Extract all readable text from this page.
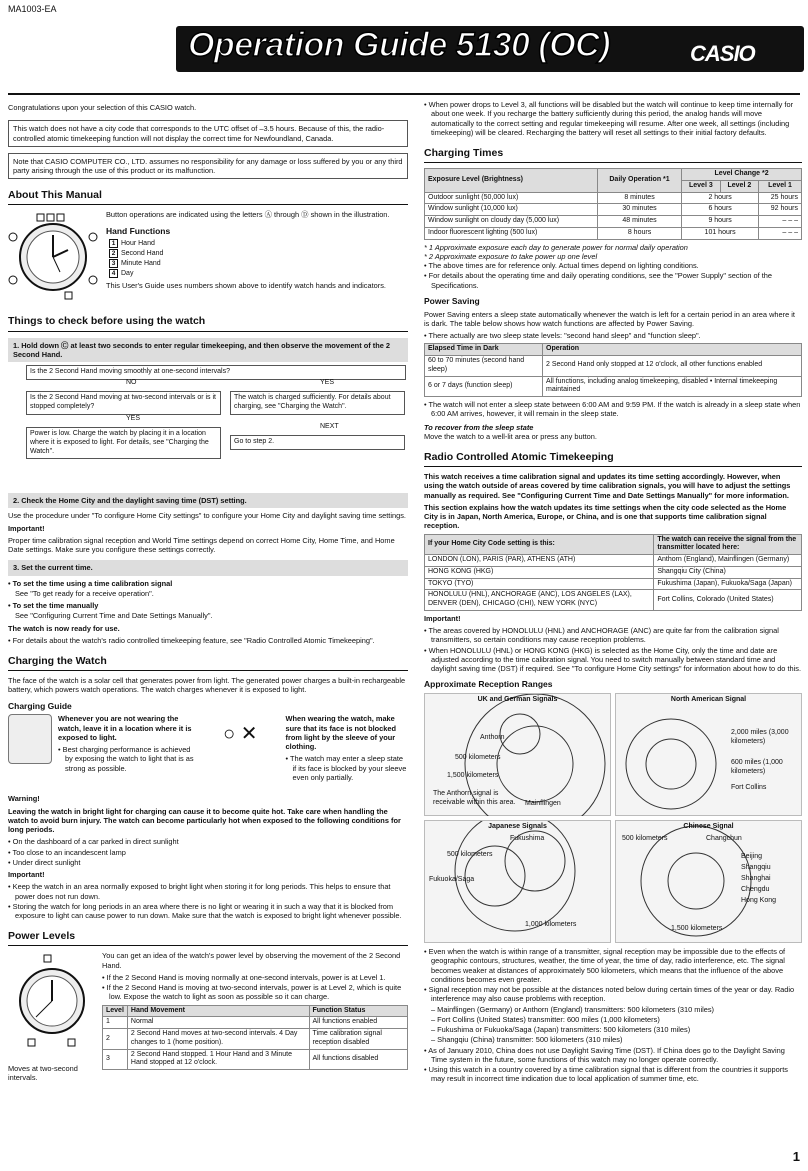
MA1003-EA
Operation Guide 5130 (OC)	CASIO

Congratulations upon your selection of this CASIO watch.

This watch does not have a city code that corresponds to the UTC offset of –3.5 hours. Because of this, the radio-controlled atomic timekeeping function will not display the correct time for Newfoundland, Canada.
Note that CASIO COMPUTER CO., LTD. assumes no responsibility for any damage or loss suffered by you or any third party arising through the use of this product or its malfunction.
About This Manual

Button operations are indicated using the letters Ⓐ through Ⓓ shown in the illustration.

Hand Functions
1 Hour Hand
2 Second Hand
3 Minute Hand
4 Day

This User's Guide uses numbers shown above to identify watch hands and indicators.

Things to check before using the watch
1. Hold down Ⓒ at least two seconds to enter regular timekeeping, and then observe the movement of the 2 Second Hand.
Is the 2 Second Hand moving smoothly at one-second intervals?
NO	YES
Is the 2 Second Hand moving at two-second intervals or is it stopped completely?
The watch is charged sufficiently. For details about charging, see "Charging the Watch".
YES
NEXT
Power is low. Charge the watch by placing it in a location where it is exposed to light. For details, see "Charging the Watch".
Go to step 2.
2. Check the Home City and the daylight saving time (DST) setting.

Use the procedure under "To configure Home City settings" to configure your Home City and daylight saving time settings.

Important!

Proper time calibration signal reception and World Time settings depend on correct Home City, Home Time, and Home Date settings. Make sure you configure these settings correctly.

3. Set the current time.
• To set the time using a time calibration signal

See "To get ready for a receive operation".

• To set the time manually

See "Configuring Current Time and Date Settings Manually".

The watch is now ready for use.

• For details about the watch's radio controlled timekeeping feature, see "Radio Controlled Atomic Timekeeping".
Charging the Watch

The face of the watch is a solar cell that generates power from light. The generated power charges a built-in rechargeable battery, which powers watch operations. The watch charges whenever it is exposed to light.

Charging Guide

Whenever you are not wearing the watch, leave it in a location where it is exposed to light.

• Best charging performance is achieved by exposing the watch to light that is as strong as possible.
○ ✕

When wearing the watch, make sure that its face is not blocked from light by the sleeve of your clothing.

• The watch may enter a sleep state if its face is blocked by your sleeve even only partially.

Warning!

Leaving the watch in bright light for charging can cause it to become quite hot. Take care when handling the watch to avoid burn injury. The watch can become particularly hot when exposed to the following conditions for long periods.

• On the dashboard of a car parked in direct sunlight
• Too close to an incandescent lamp
• Under direct sunlight

Important!

• Keep the watch in an area normally exposed to bright light when storing it for long periods. This helps to ensure that power does not run down.
• Storing the watch for long periods in an area where there is no light or wearing it in such a way that it is blocked from exposure to light can cause power to run down. Make sure that the watch is exposed to bright light whenever possible.
Power Levels

Moves at two-second intervals.

You can get an idea of the watch's power level by observing the movement of the 2 Second Hand.

• If the 2 Second Hand is moving normally at one-second intervals, power is at Level 1.
• If the 2 Second Hand is moving at two-second intervals, power is at Level 2, which is quite low. Expose the watch to light as soon as possible so it can charge.
Level	Hand Movement	Function Status
1	Normal	All functions enabled
2	2 Second Hand moves at two-second intervals. 4 Day changes to 1 (home position).	Time calibration signal reception disabled
3	2 Second Hand stopped. 1 Hour Hand and 3 Minute Hand stopped at 12 o'clock.	All functions disabled
• When power drops to Level 3, all functions will be disabled but the watch will continue to keep time internally for about one week. If you recharge the battery sufficiently during this period, the analog hands will move automatically to the correct setting and regular timekeeping will resume. After one week, all settings (including timekeeping) will be cleared. Recharging the battery will reset all settings to their initial factory defaults.
Charging Times
Exposure Level (Brightness)	Daily Operation *1	Level Change *2		
		Level 3	Level 2	Level 1
Outdoor sunlight (50,000 lux)	8 minutes	2 hours		25 hours
Window sunlight (10,000 lux)	30 minutes	6 hours		92 hours
Window sunlight on cloudy day (5,000 lux)	48 minutes	9 hours		– – –
Indoor fluorescent lighting (500 lux)	8 hours	101 hours		– – –

* 1 Approximate exposure each day to generate power for normal daily operation

* 2 Approximate exposure to take power up one level

• The above times are for reference only. Actual times depend on lighting conditions.
• For details about the operating time and daily operating conditions, see the "Power Supply" section of the Specifications.
Power Saving

Power Saving enters a sleep state automatically whenever the watch is left for a certain period in an area where it is dark. The table below shows how watch functions are affected by Power Saving.

• There actually are two sleep state levels: "second hand sleep" and "function sleep".
Elapsed Time in Dark	Operation
60 to 70 minutes (second hand sleep)	2 Second Hand only stopped at 12 o'clock, all other functions enabled
6 or 7 days (function sleep)	All functions, including analog timekeeping, disabled • Internal timekeeping maintained
• The watch will not enter a sleep state between 6:00 AM and 9:59 PM. If the watch is already in a sleep state when 6:00 AM arrives, however, it will remain in the sleep state.

To recover from the sleep state

Move the watch to a well-lit area or press any button.

Radio Controlled Atomic Timekeeping

This watch receives a time calibration signal and updates its time setting accordingly. However, when using the watch outside of areas covered by time calibration signals, you will have to adjust the settings manually as required. See "Configuring Current Time and Date Settings Manually" for more information.

This section explains how the watch updates its time settings when the city code selected as the Home City is in Japan, North America, Europe, or China, and is one that supports time calibration signal reception.

If your Home City Code setting is this:	The watch can receive the signal from the transmitter located here:
LONDON (LON), PARIS (PAR), ATHENS (ATH)	Anthorn (England), Mainflingen (Germany)
HONG KONG (HKG)	Shangqiu City (China)
TOKYO (TYO)	Fukushima (Japan), Fukuoka/Saga (Japan)
HONOLULU (HNL), ANCHORAGE (ANC), LOS ANGELES (LAX), DENVER (DEN), CHICAGO (CHI), NEW YORK (NYC)	Fort Collins, Colorado (United States)

Important!

• The areas covered by HONOLULU (HNL) and ANCHORAGE (ANC) are quite far from the calibration signal transmitters, so certain conditions may cause reception problems.
• When HONOLULU (HNL) or HONG KONG (HKG) is selected as the Home City, only the time and date are adjusted according to the time calibration signal. You need to switch manually between standard time and daylight saving time (DST) if required. See "To configure Home City settings" for information about how to do this.
Approximate Reception Ranges
UK and German Signals
Anthorn
500 kilometers
1,500 kilometers
The Anthorn signal is receivable within this area.	Mainflingen
North American Signal
2,000 miles (3,000 kilometers)
600 miles (1,000 kilometers)
Fort Collins
Japanese Signals
Fukushima
500 kilometers
Fukuoka/Saga
1,000 kilometers
Chinese Signal
500 kilometers	Changchun
Beijing
Shangqiu
Shanghai
Chengdu
Hong Kong
1,500 kilometers
• Even when the watch is within range of a transmitter, signal reception may be impossible due to the effects of geographic contours, structures, weather, the time of year, the time of day, radio interference, etc. The signal becomes weaker at distances of approximately 500 kilometers, which means that the influence of the above conditions becomes even greater.
• Signal reception may not be possible at the distances noted below during certain times of the year or day. Radio interference may also cause problems with reception.
– Mainflingen (Germany) or Anthorn (England) transmitters: 500 kilometers (310 miles)
– Fort Collins (United States) transmitter: 600 miles (1,000 kilometers)
– Fukushima or Fukuoka/Saga (Japan) transmitters: 500 kilometers (310 miles)
– Shangqiu (China) transmitter: 500 kilometers (310 miles)
• As of January 2010, China does not use Daylight Saving Time (DST). If China does go to the Daylight Saving Time system in the future, some functions of this watch may no longer operate correctly.
• Using this watch in a country covered by a time calibration signal that is different from the countries it supports may result in incorrect time indication due to local application of summer time, etc.
1
